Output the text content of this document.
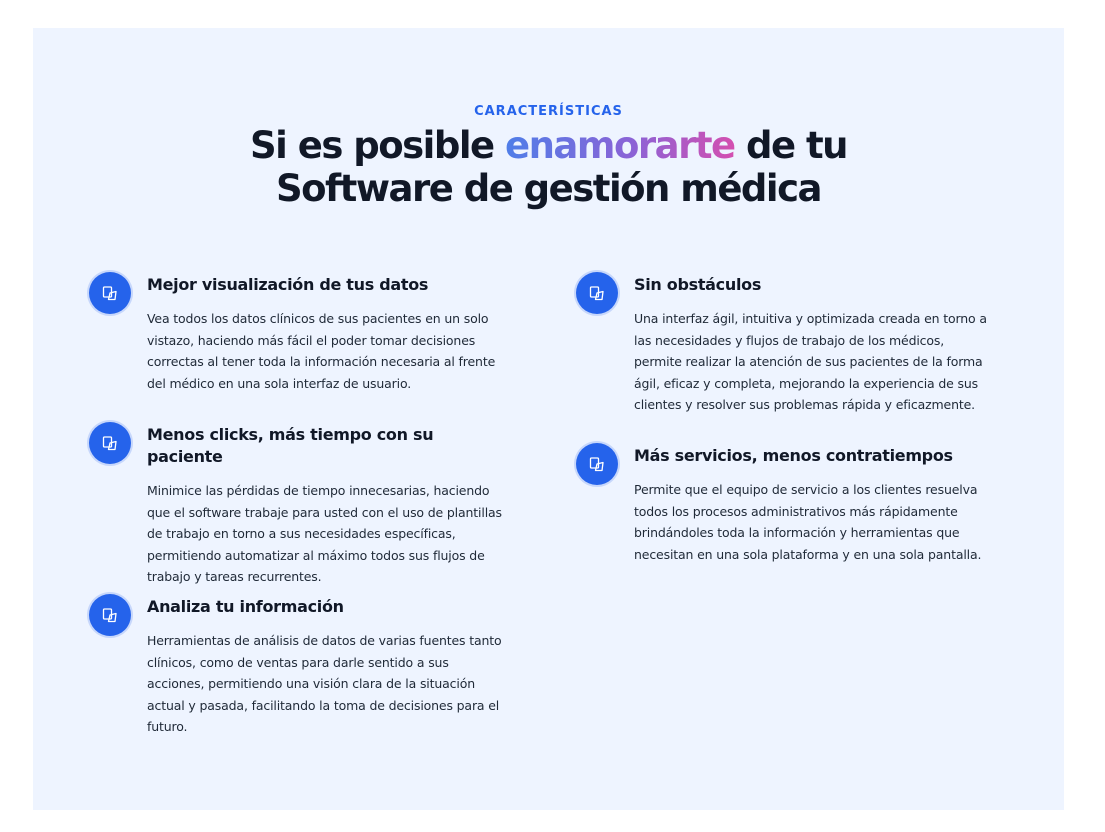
CARACTERÍSTICAS

Si es posible enamorarte de tu
Software de gestión médica
Mejor visualización de tus datos

Vea todos los datos clínicos de sus pacientes en un solo vistazo, haciendo más fácil el poder tomar decisiones correctas al tener toda la información necesaria al frente del médico en una sola interfaz de usuario.

Menos clicks, más tiempo con su paciente

Minimice las pérdidas de tiempo innecesarias, haciendo que el software trabaje para usted con el uso de plantillas de trabajo en torno a sus necesidades específicas, permitiendo automatizar al máximo todos sus flujos de trabajo y tareas recurrentes.

Analiza tu información

Herramientas de análisis de datos de varias fuentes tanto clínicos, como de ventas para darle sentido a sus acciones, permitiendo una visión clara de la situación actual y pasada, facilitando la toma de decisiones para el futuro.

Sin obstáculos

Una interfaz ágil, intuitiva y optimizada creada en torno a las necesidades y flujos de trabajo de los médicos, permite realizar la atención de sus pacientes de la forma ágil, eficaz y completa, mejorando la experiencia de sus clientes y resolver sus problemas rápida y eficazmente.

Más servicios, menos contratiempos

Permite que el equipo de servicio a los clientes resuelva todos los procesos administrativos más rápidamente brindándoles toda la información y herramientas que necesitan en una sola plataforma y en una sola pantalla.
